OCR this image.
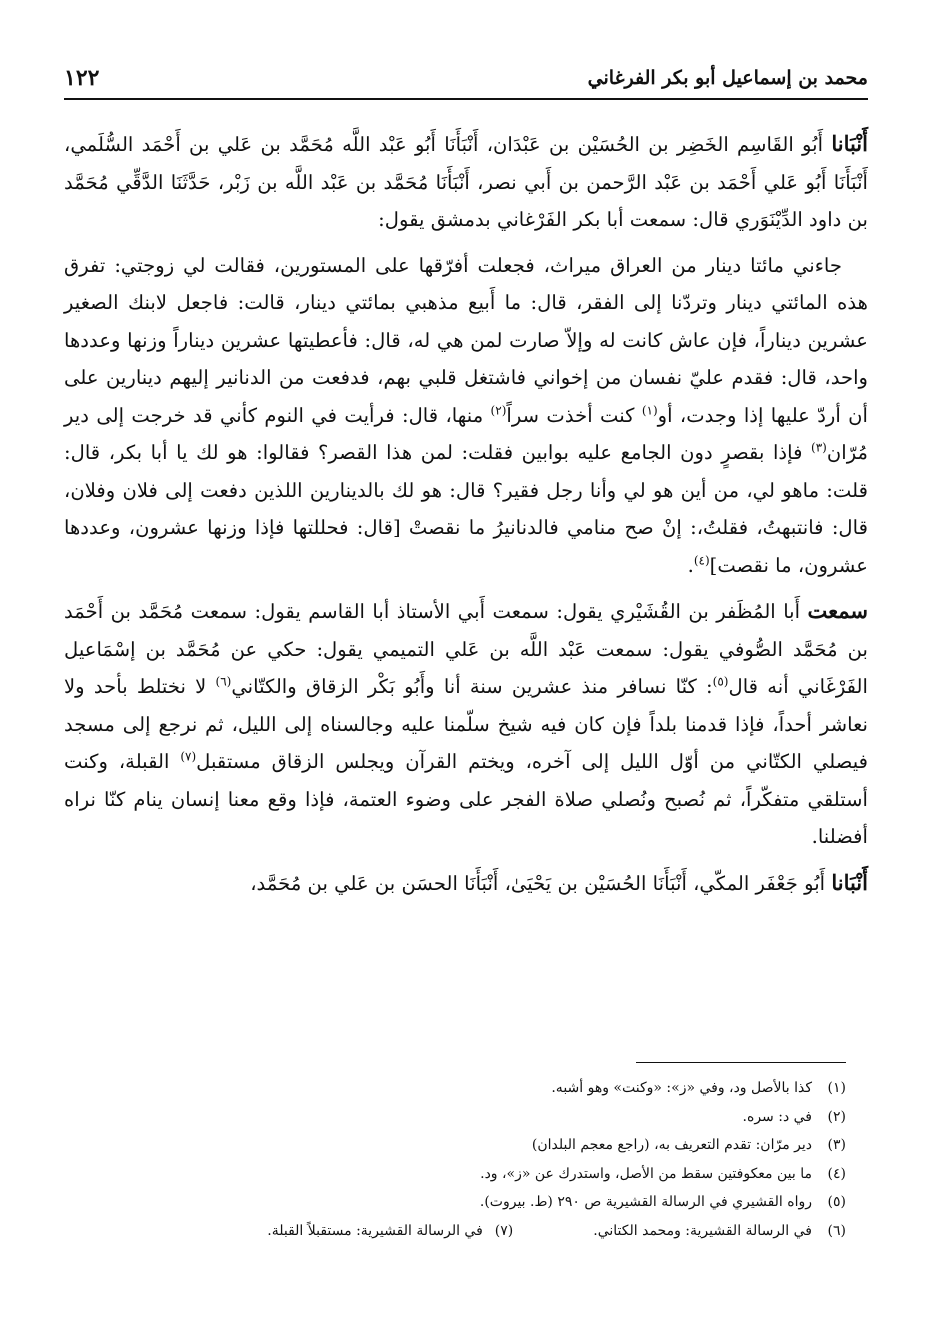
محمد بن إسماعيل أبو بكر الفرغاني
١٢٢

أَنْبَانا أَبُو القَاسِم الخَضِر بن الحُسَيْن بن عَبْدَان، أَنْبَأَنَا أَبُو عَبْد اللَّه مُحَمَّد بن عَلي بن أَحْمَد السُّلَمي، أَنْبَأَنَا أَبُو عَلي أَحْمَد بن عَبْد الرَّحمن بن أَبي نصر، أَنْبَأَنَا مُحَمَّد بن عَبْد اللَّه بن زَبْر، حَدَّثَنَا الدَّقِّي مُحَمَّد بن داود الدِّيْنَوَري قال: سمعت أبا بكر الفَرْغاني بدمشق يقول:

جاءني مائتا دينار من العراق ميراث، فجعلت أفرّقها على المستورين، فقالت لي زوجتي: تفرق هذه المائتي دينار وتردّنا إلى الفقر، قال: ما أَبيع مذهبي بمائتي دينار، قالت: فاجعل لابنك الصغير عشرين ديناراً، فإن عاش كانت له وإلاّ صارت لمن هي له، قال: فأعطيتها عشرين ديناراً وزنها وعددها واحد، قال: فقدم عليّ نفسان من إخواني فاشتغل قلبي بهم، فدفعت من الدنانير إليهم دينارين على أن أردّ عليها إذا وجدت، أو$^{(١)}$ كنت أخذت سراً$^{(٢)}$ منها، قال: فرأيت في النوم كأني قد خرجت إلى دير مُرّان$^{(٣)}$ فإذا بقصرٍ دون الجامع عليه بوابين فقلت: لمن هذا القصر؟ فقالوا: هو لك يا أبا بكر، قال: قلت: ماهو لي، من أين هو لي وأنا رجل فقير؟ قال: هو لك بالدينارين اللذين دفعت إلى فلان وفلان، قال: فانتبهتُ، فقلتُ،: إنْ صح منامي فالدنانيرُ ما نقصتْ [قال: فحللتها فإذا وزنها عشرون، وعددها عشرون، ما نقصت]$^{(٤)}$.

سمعت أَبا المُظَفر بن القُشَيْري يقول: سمعت أَبي الأستاذ أبا القاسم يقول: سمعت مُحَمَّد بن أَحْمَد بن مُحَمَّد الصُّوفي يقول: سمعت عَبْد اللَّه بن عَلي التميمي يقول: حكي عن مُحَمَّد بن إسْمَاعيل الفَرْغَاني أنه قال$^{(٥)}$: كنّا نسافر منذ عشرين سنة أنا وأَبُو بَكْر الزقاق والكتّاني$^{(٦)}$ لا نختلط بأحد ولا نعاشر أحداً، فإذا قدمنا بلداً فإن كان فيه شيخ سلّمنا عليه وجالسناه إلى الليل، ثم نرجع إلى مسجد فيصلي الكتّاني من أوّل الليل إلى آخره، ويختم القرآن ويجلس الزقاق مستقبل$^{(٧)}$ القبلة، وكنت أستلقي متفكّراً، ثم نُصبح ونُصلي صلاة الفجر على وضوء العتمة، فإذا وقع معنا إنسان ينام كنّا نراه أفضلنا.

أَنْبَانا أَبُو جَعْفَر المكّي، أَنْبَأَنَا الحُسَيْن بن يَحْيَىٰ، أَنْبَأَنَا الحسَن بن عَلي بن مُحَمَّد،

(١)
كذا بالأصل ود، وفي «ز»: «وكنت» وهو أشبه.
(٢)
في د: سره.
(٣)
دير مرّان: تقدم التعريف به، (راجع معجم البلدان)
(٤)
ما بين معكوفتين سقط من الأصل، واستدرك عن «ز»، ود.
(٥)
رواه القشيري في الرسالة القشيرية ص ٢٩٠ (ط. بيروت).
(٦)
في الرسالة القشيرية: ومحمد الكتاني.
(٧)
في الرسالة القشيرية: مستقبلاً القبلة.
